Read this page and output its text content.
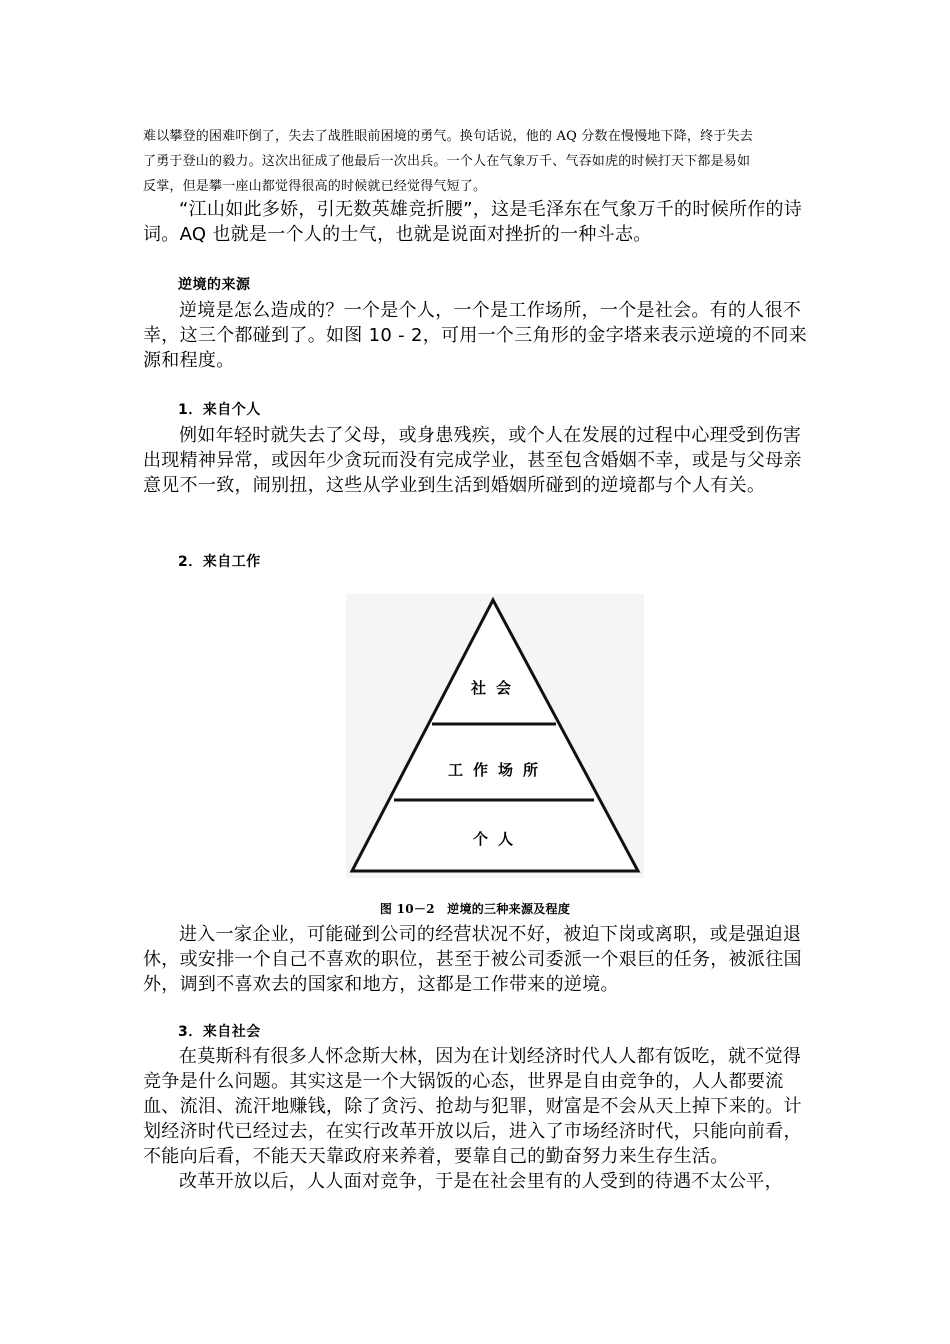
难以攀登的困难吓倒了，失去了战胜眼前困境的勇气。换句话说，他的 AQ 分数在慢慢地下降，终于失去

了勇于登山的毅力。这次出征成了他最后一次出兵。一个人在气象万千、气吞如虎的时候打天下都是易如

反掌，但是攀一座山都觉得很高的时候就已经觉得气短了。

“江山如此多娇，引无数英雄竞折腰”，这是毛泽东在气象万千的时候所作的诗词。AQ 也就是一个人的士气，也就是说面对挫折的一种斗志。

逆境的来源

逆境是怎么造成的？一个是个人，一个是工作场所，一个是社会。有的人很不幸，这三个都碰到了。如图 10 - 2，可用一个三角形的金字塔来表示逆境的不同来源和程度。

1．来自个人

例如年轻时就失去了父母，或身患残疾，或个人在发展的过程中心理受到伤害出现精神异常，或因年少贪玩而没有完成学业，甚至包含婚姻不幸，或是与父母亲意见不一致，闹别扭，这些从学业到生活到婚姻所碰到的逆境都与个人有关。

2．来自工作
社会
工作场所
个人
图 10－2　逆境的三种来源及程度

进入一家企业，可能碰到公司的经营状况不好，被迫下岗或离职，或是强迫退休，或安排一个自己不喜欢的职位，甚至于被公司委派一个艰巨的任务，被派往国外，调到不喜欢去的国家和地方，这都是工作带来的逆境。

3．来自社会

在莫斯科有很多人怀念斯大林，因为在计划经济时代人人都有饭吃，就不觉得竞争是什么问题。其实这是一个大锅饭的心态，世界是自由竞争的，人人都要流血、流泪、流汗地赚钱，除了贪污、抢劫与犯罪，财富是不会从天上掉下来的。计划经济时代已经过去，在实行改革开放以后，进入了市场经济时代，只能向前看，不能向后看，不能天天靠政府来养着，要靠自己的勤奋努力来生存生活。

改革开放以后，人人面对竞争，于是在社会里有的人受到的待遇不太公平，
